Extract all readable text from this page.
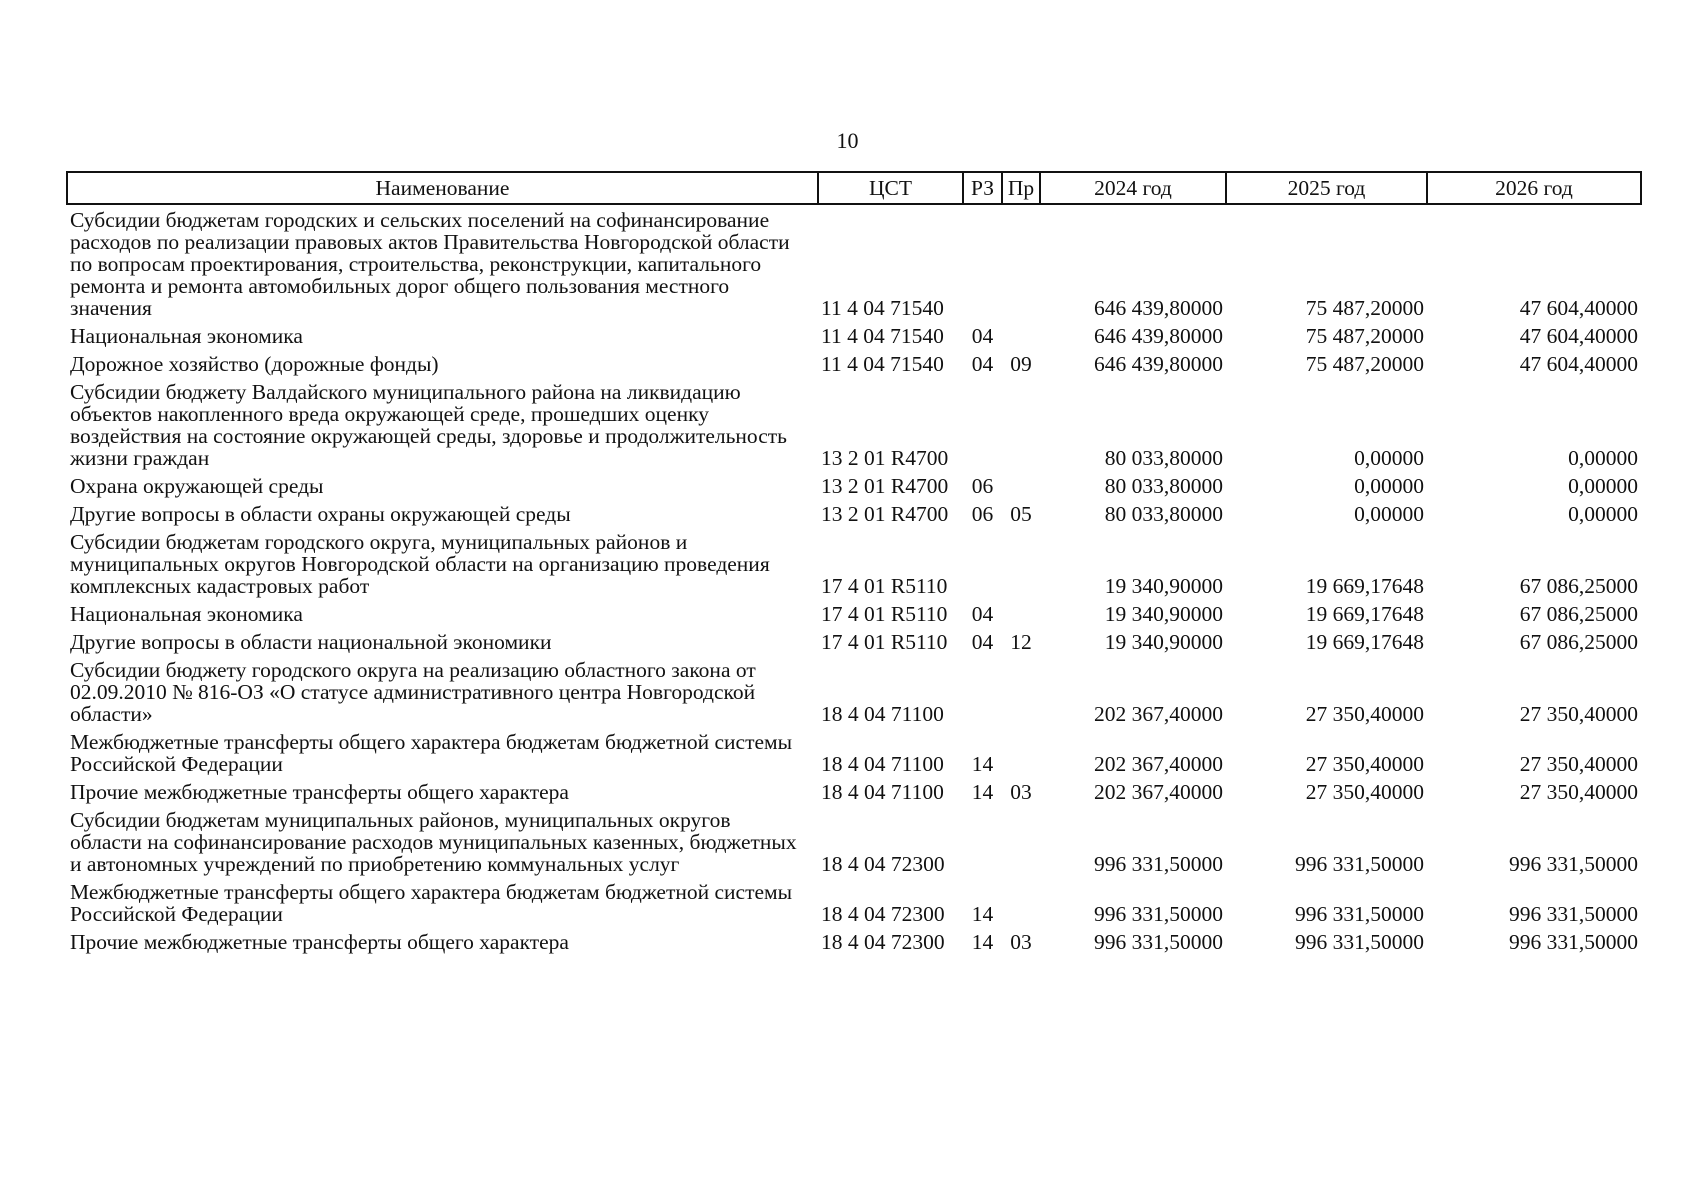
10
Наименование	ЦСТ	РЗ	Пр	2024 год	2025 год	2026 год
Субсидии бюджетам городских и сельских поселений на софинансирование расходов по реализации правовых актов Правительства Новгородской области по вопросам проектирования, строительства, реконструкции, капитального ремонта и ремонта автомобильных дорог общего пользования местного значения	11 4 04 71540			646 439,80000	75 487,20000	47 604,40000
Национальная экономика	11 4 04 71540	04		646 439,80000	75 487,20000	47 604,40000
Дорожное хозяйство (дорожные фонды)	11 4 04 71540	04	09	646 439,80000	75 487,20000	47 604,40000
Субсидии бюджету Валдайского муниципального района на ликвидацию объектов накопленного вреда окружающей среде, прошедших оценку воздействия на состояние окружающей среды, здоровье и продолжительность жизни граждан	13 2 01 R4700			80 033,80000	0,00000	0,00000
Охрана окружающей среды	13 2 01 R4700	06		80 033,80000	0,00000	0,00000
Другие вопросы в области охраны окружающей среды	13 2 01 R4700	06	05	80 033,80000	0,00000	0,00000
Субсидии бюджетам городского округа, муниципальных районов и муниципальных округов Новгородской области на организацию проведения комплексных кадастровых работ	17 4 01 R5110			19 340,90000	19 669,17648	67 086,25000
Национальная экономика	17 4 01 R5110	04		19 340,90000	19 669,17648	67 086,25000
Другие вопросы в области национальной экономики	17 4 01 R5110	04	12	19 340,90000	19 669,17648	67 086,25000
Субсидии бюджету городского округа на реализацию областного закона от 02.09.2010 № 816-ОЗ «О статусе административного центра Новгородской области»	18 4 04 71100			202 367,40000	27 350,40000	27 350,40000
Межбюджетные трансферты общего характера бюджетам бюджетной системы Российской Федерации	18 4 04 71100	14		202 367,40000	27 350,40000	27 350,40000
Прочие межбюджетные трансферты общего характера	18 4 04 71100	14	03	202 367,40000	27 350,40000	27 350,40000
Субсидии бюджетам муниципальных районов, муниципальных округов области на софинансирование расходов муниципальных казенных, бюджетных и автономных учреждений по приобретению коммунальных услуг	18 4 04 72300			996 331,50000	996 331,50000	996 331,50000
Межбюджетные трансферты общего характера бюджетам бюджетной системы Российской Федерации	18 4 04 72300	14		996 331,50000	996 331,50000	996 331,50000
Прочие межбюджетные трансферты общего характера	18 4 04 72300	14	03	996 331,50000	996 331,50000	996 331,50000
